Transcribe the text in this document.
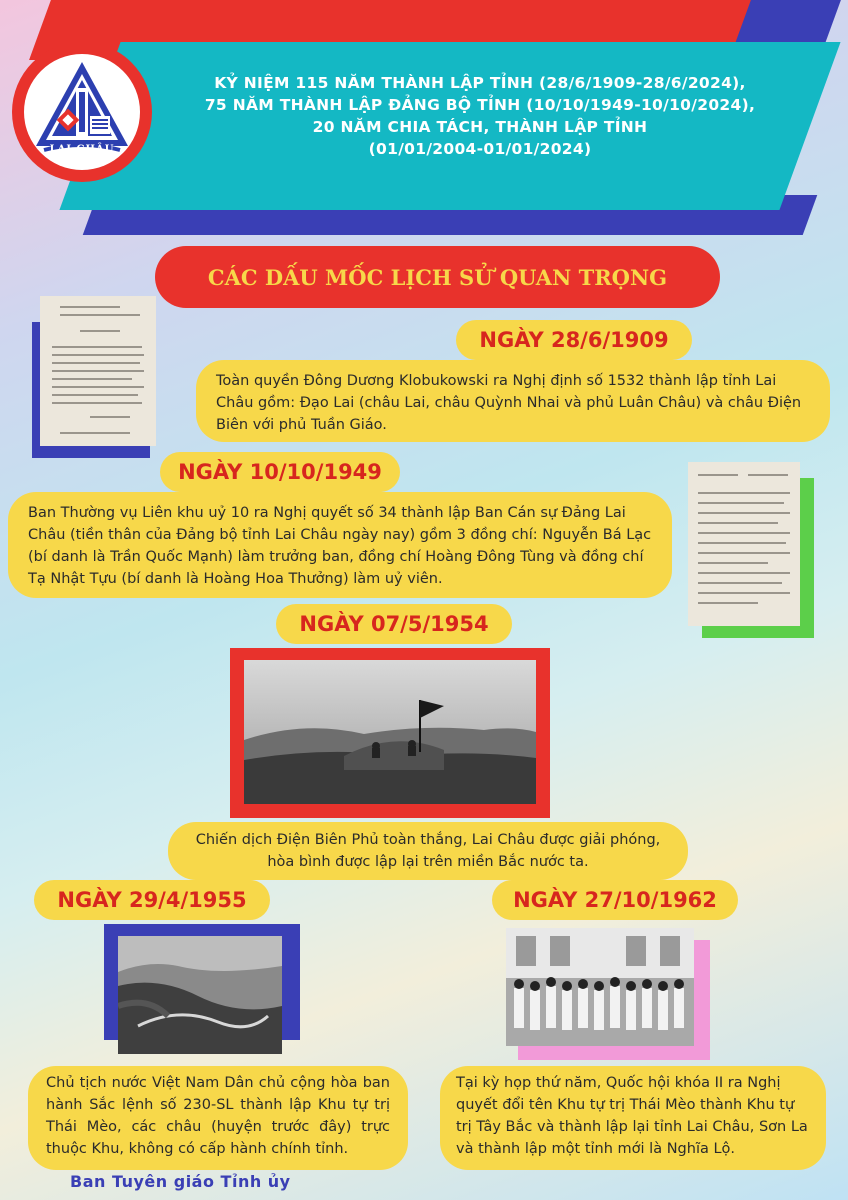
KỶ NIỆM 115 NĂM THÀNH LẬP TỈNH (28/6/1909-28/6/2024),
75 NĂM THÀNH LẬP ĐẢNG BỘ TỈNH (10/10/1949-10/10/2024),
20 NĂM CHIA TÁCH, THÀNH LẬP TỈNH
(01/01/2004-01/01/2024)
LAI CHÂU
CÁC DẤU MỐC LỊCH SỬ QUAN TRỌNG
NGÀY 28/6/1909
Toàn quyền Đông Dương Klobukowski ra Nghị định số 1532 thành lập tỉnh Lai Châu gồm: Đạo Lai (châu Lai, châu Quỳnh Nhai và phủ Luân Châu) và châu Điện Biên với phủ Tuần Giáo.
NGÀY 10/10/1949
Ban Thường vụ Liên khu uỷ 10 ra Nghị quyết số 34 thành lập Ban Cán sự Đảng Lai Châu (tiền thân của Đảng bộ tỉnh Lai Châu ngày nay) gồm 3 đồng chí: Nguyễn Bá Lạc (bí danh là Trần Quốc Mạnh) làm trưởng ban, đồng chí Hoàng Đông Tùng và đồng chí Tạ Nhật Tựu (bí danh là Hoàng Hoa Thưởng) làm uỷ viên.
NGÀY 07/5/1954
Chiến dịch Điện Biên Phủ toàn thắng, Lai Châu được giải phóng, hòa bình được lập lại trên miền Bắc nước ta.
NGÀY 29/4/1955
Chủ tịch nước Việt Nam Dân chủ cộng hòa ban hành Sắc lệnh số 230-SL thành lập Khu tự trị Thái Mèo, các châu (huyện trước đây) trực thuộc Khu, không có cấp hành chính tỉnh.
NGÀY 27/10/1962
Tại kỳ họp thứ năm, Quốc hội khóa II ra Nghị quyết đổi tên Khu tự trị Thái Mèo thành Khu tự trị Tây Bắc và thành lập lại tỉnh Lai Châu, Sơn La và thành lập một tỉnh mới là Nghĩa Lộ.
Ban Tuyên giáo Tỉnh ủy
